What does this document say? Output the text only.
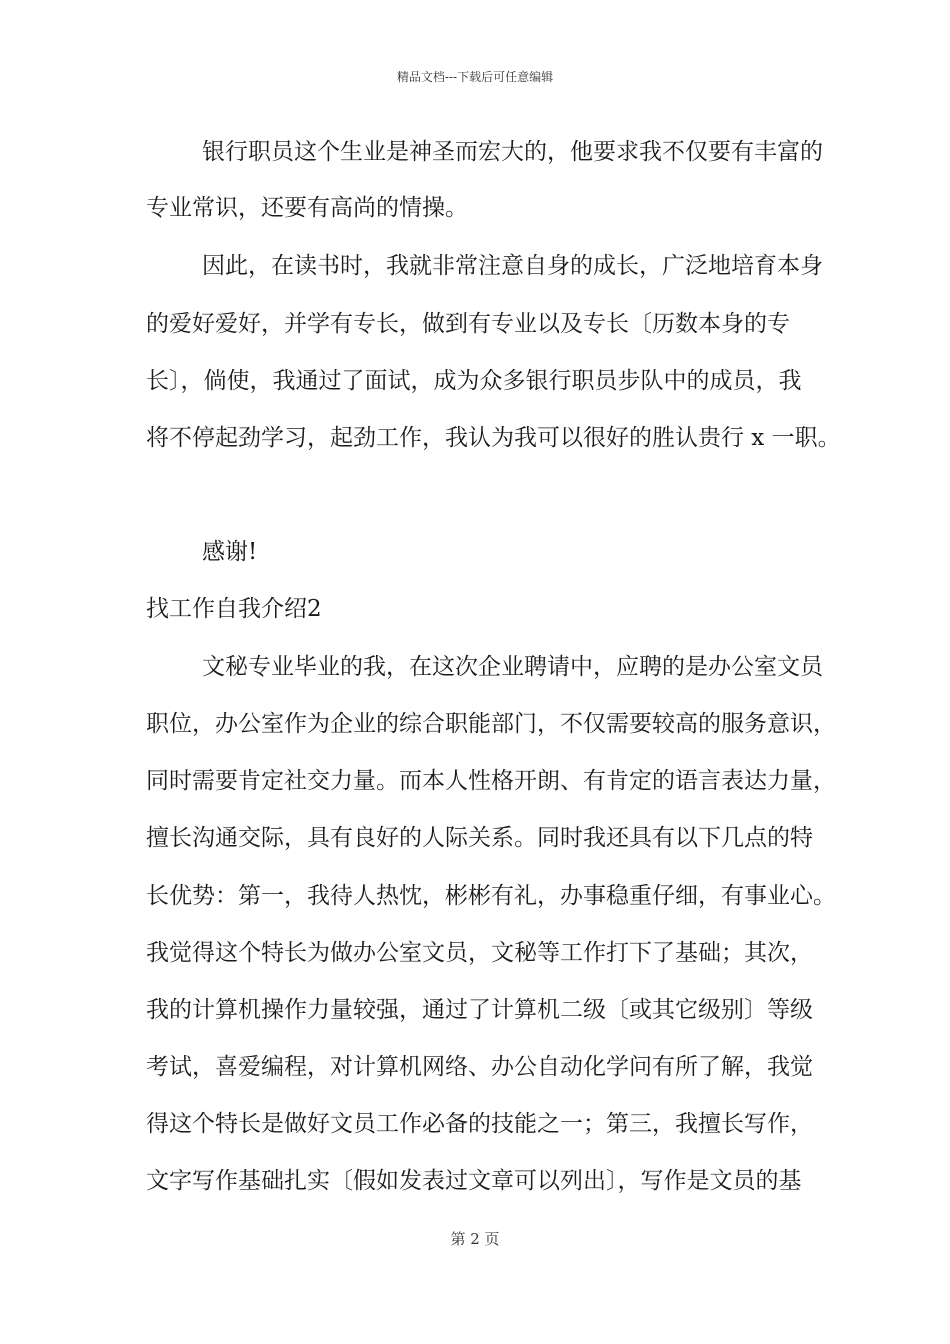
精品文档---下载后可任意编辑
银行职员这个生业是神圣而宏大的，他要求我不仅要有丰富的
专业常识，还要有高尚的情操。
因此，在读书时，我就非常注意自身的成长，广泛地培育本身
的爱好爱好，并学有专长，做到有专业以及专长〔历数本身的专
长〕，倘使，我通过了面试，成为众多银行职员步队中的成员，我
将不停起劲学习，起劲工作，我认为我可以很好的胜认贵行 x 一职。
感谢!
找工作自我介绍2
文秘专业毕业的我，在这次企业聘请中，应聘的是办公室文员
职位，办公室作为企业的综合职能部门，不仅需要较高的服务意识，
同时需要肯定社交力量。而本人性格开朗、有肯定的语言表达力量，
擅长沟通交际，具有良好的人际关系。同时我还具有以下几点的特
长优势：第一，我待人热忱，彬彬有礼，办事稳重仔细，有事业心。
我觉得这个特长为做办公室文员，文秘等工作打下了基础；其次，
我的计算机操作力量较强，通过了计算机二级〔或其它级别〕等级
考试，喜爱编程，对计算机网络、办公自动化学问有所了解，我觉
得这个特长是做好文员工作必备的技能之一；第三，我擅长写作，
文字写作基础扎实〔假如发表过文章可以列出〕，写作是文员的基
第 2 页
